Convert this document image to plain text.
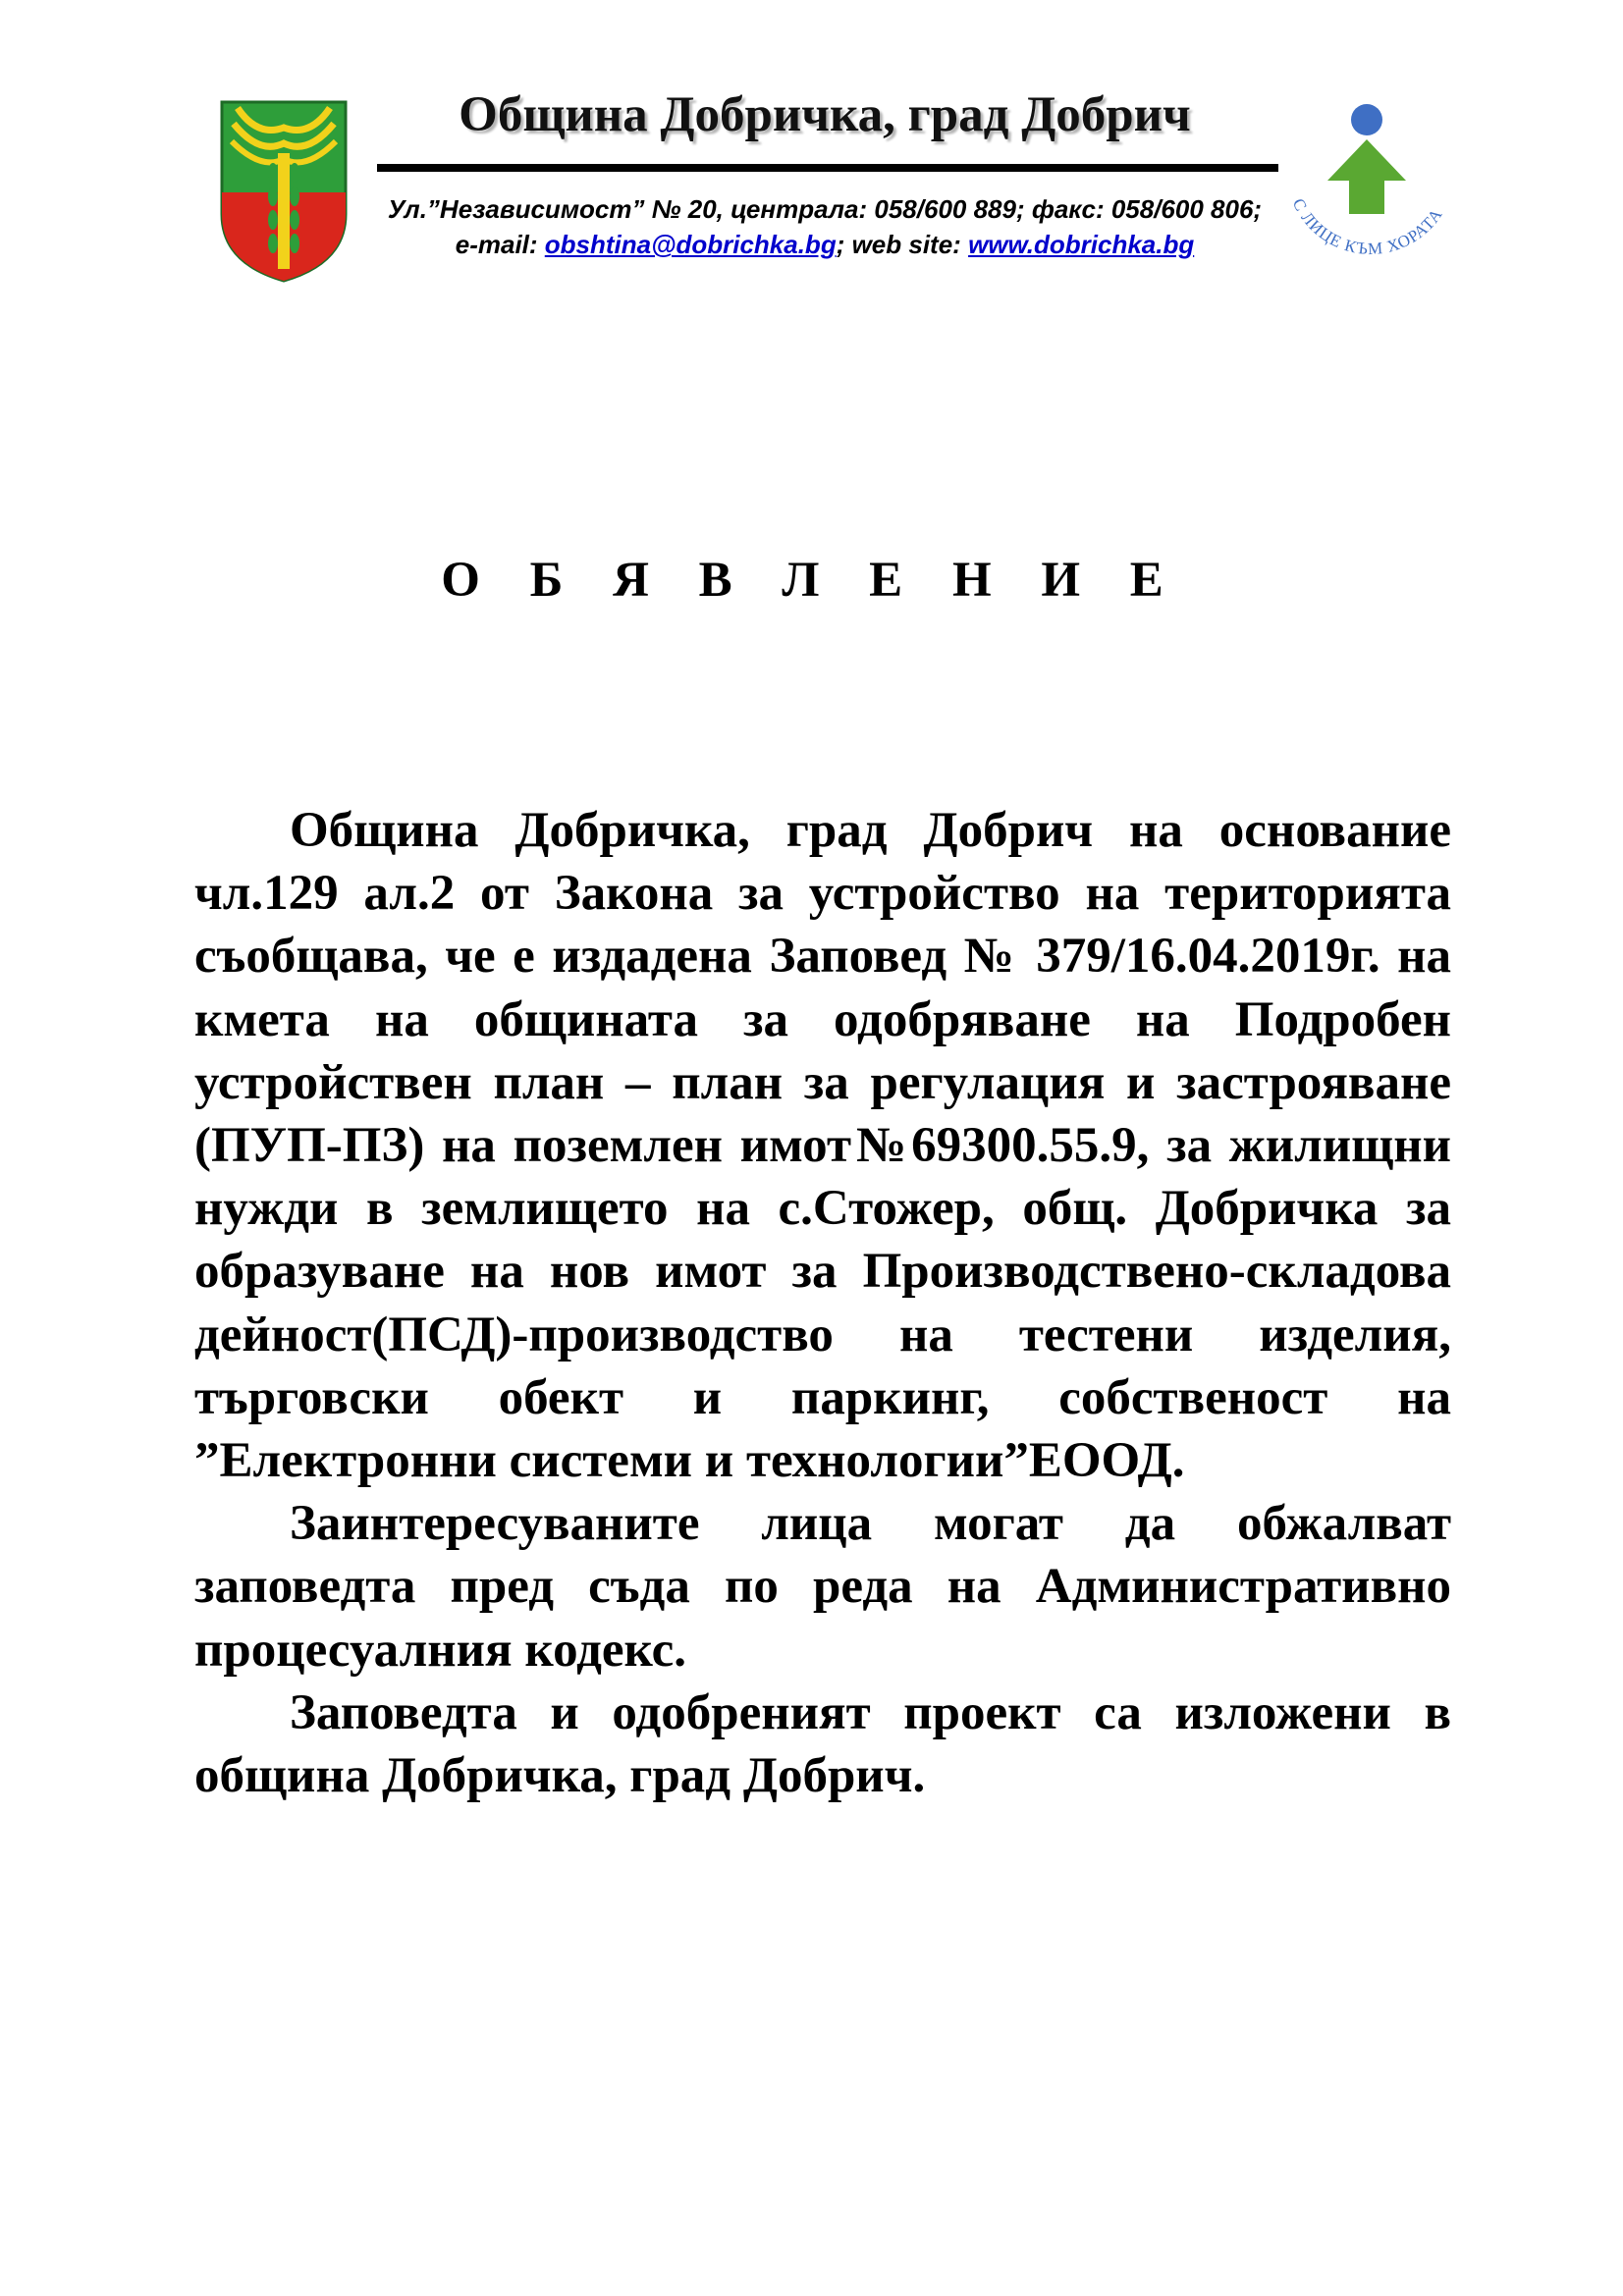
Община Добричка, град Добрич
Ул.”Независимост” № 20, централа: 058/600 889; факс: 058/600 806;
e-mail: obshtina@dobrichka.bg; web site: www.dobrichka.bg
С ЛИЦЕ КЪМ ХОРАТА
О Б Я В Л Е Н И Е

Община Добричка, град Добрич на основание чл.129 ал.2 от Закона за устройство на територията съобщава, че е издадена Заповед № 379/16.04.2019г. на кмета на общината за одобряване на Подробен устройствен план – план за регулация и застрояване (ПУП-ПЗ) на поземлен имот№69300.55.9, за жилищни нужди в землището на с.Стожер, общ. Добричка за образуване на нов имот за Производствено-складова дейност(ПСД)-производство на тестени изделия, търговски обект и паркинг, собственост на ”Електронни системи и технологии”ЕООД.

Заинтересуваните лица могат да обжалват заповедта пред съда по реда на Административно процесуалния кодекс.

Заповедта и одобреният проект са изложени в община Добричка, град Добрич.
